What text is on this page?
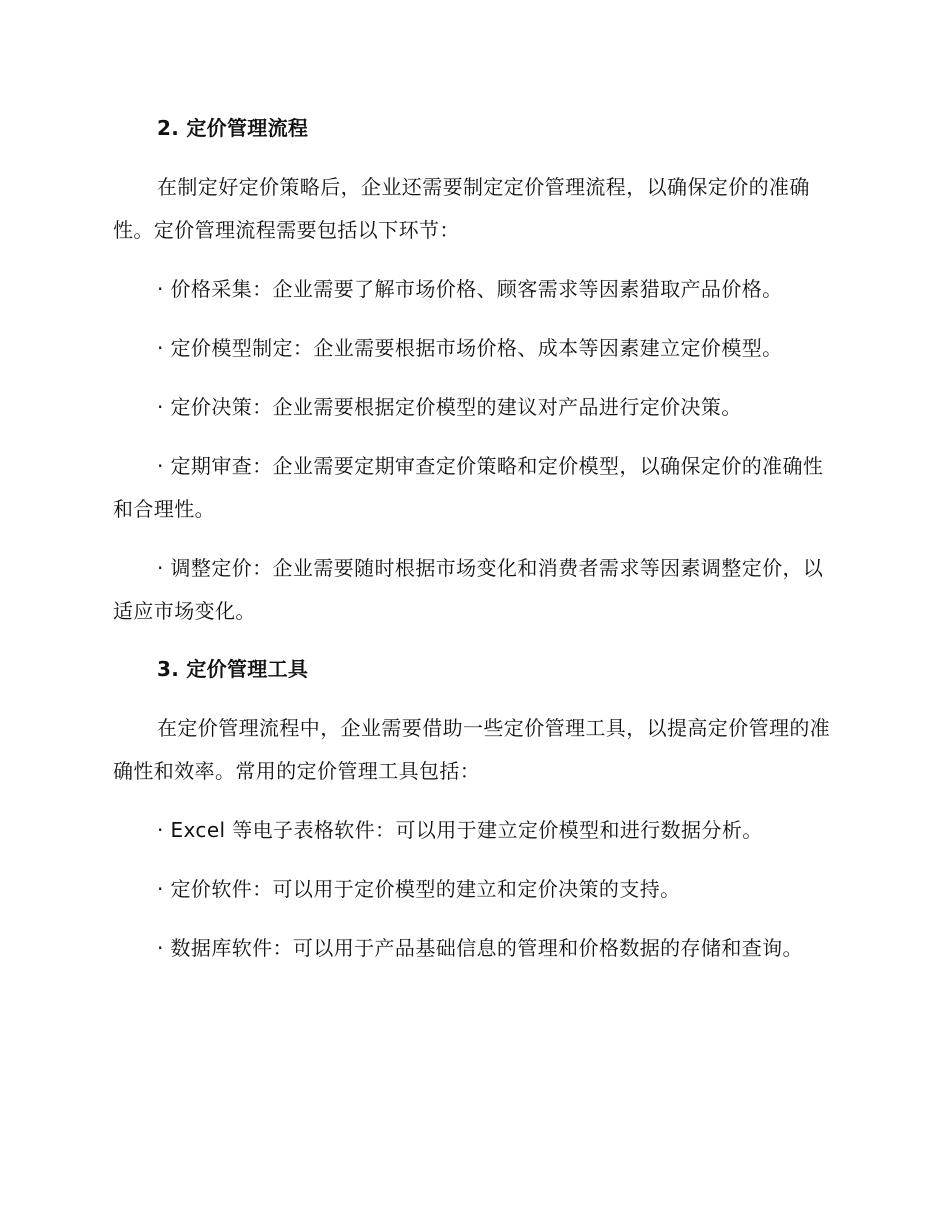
2. 定价管理流程

在制定好定价策略后，企业还需要制定定价管理流程，以确保定价的准确性。定价管理流程需要包括以下环节：

· 价格采集：企业需要了解市场价格、顾客需求等因素猎取产品价格。

· 定价模型制定：企业需要根据市场价格、成本等因素建立定价模型。

· 定价决策：企业需要根据定价模型的建议对产品进行定价决策。

· 定期审查：企业需要定期审查定价策略和定价模型，以确保定价的准确性和合理性。

· 调整定价：企业需要随时根据市场变化和消费者需求等因素调整定价，以适应市场变化。

3. 定价管理工具

在定价管理流程中，企业需要借助一些定价管理工具，以提高定价管理的准确性和效率。常用的定价管理工具包括：

· Excel 等电子表格软件：可以用于建立定价模型和进行数据分析。

· 定价软件：可以用于定价模型的建立和定价决策的支持。

· 数据库软件：可以用于产品基础信息的管理和价格数据的存储和查询。
